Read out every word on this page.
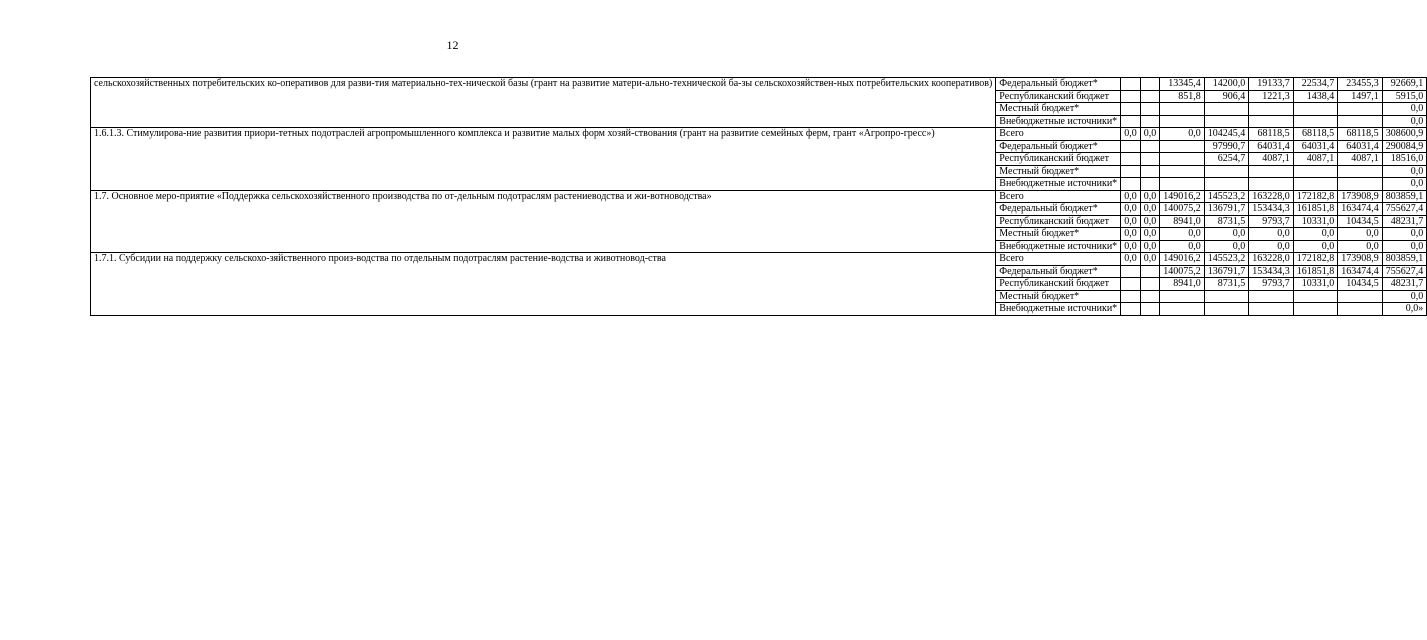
12
сельскохозяйственных потребительских ко-оперативов для разви-тия материально-тех-нической базы (грант на развитие матери-ально-технической ба-зы сельскохозяйствен-ных потребительских кооперативов)	Федеральный бюджет*			13345,4	14200,0	19133,7	22534,7	23455,3	92669,1
	Республиканский бюджет			851,8	906,4	1221,3	1438,4	1497,1	5915,0
	Местный бюджет*								0,0
	Внебюджетные источники*								0,0
1.6.1.3. Стимулирова-ние развития приори-тетных подотраслей агропромышленного комплекса и развитие малых форм хозяй-ствования (грант на развитие семейных ферм, грант «Агропро-гресс»)	Всего	0,0	0,0	0,0	104245,4	68118,5	68118,5	68118,5	308600,9
	Федеральный бюджет*				97990,7	64031,4	64031,4	64031,4	290084,9
	Республиканский бюджет				6254,7	4087,1	4087,1	4087,1	18516,0
	Местный бюджет*								0,0
	Внебюджетные источники*								0,0
1.7. Основное меро-приятие «Поддержка сельскохозяйственного производства по от-дельным подотраслям растениеводства и жи-вотноводства»	Всего	0,0	0,0	149016,2	145523,2	163228,0	172182,8	173908,9	803859,1
	Федеральный бюджет*	0,0	0,0	140075,2	136791,7	153434,3	161851,8	163474,4	755627,4
	Республиканский бюджет	0,0	0,0	8941,0	8731,5	9793,7	10331,0	10434,5	48231,7
	Местный бюджет*	0,0	0,0	0,0	0,0	0,0	0,0	0,0	0,0
	Внебюджетные источники*	0,0	0,0	0,0	0,0	0,0	0,0	0,0	0,0
1.7.1. Субсидии на поддержку сельскохо-зяйственного произ-водства по отдельным подотраслям растение-водства и животновод-ства	Всего	0,0	0,0	149016,2	145523,2	163228,0	172182,8	173908,9	803859,1
	Федеральный бюджет*			140075,2	136791,7	153434,3	161851,8	163474,4	755627,4
	Республиканский бюджет			8941,0	8731,5	9793,7	10331,0	10434,5	48231,7
	Местный бюджет*								0,0
	Внебюджетные источники*								0,0»
